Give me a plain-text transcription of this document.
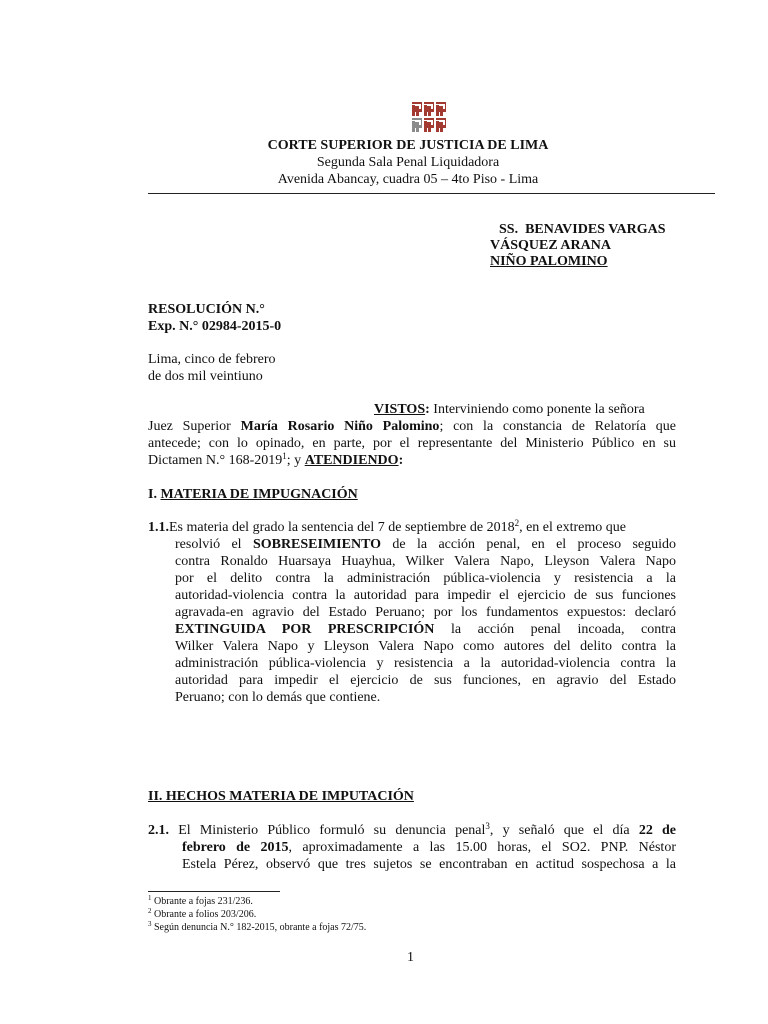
CORTE SUPERIOR DE JUSTICIA DE LIMA
Segunda Sala Penal Liquidadora
Avenida Abancay, cuadra 05 – 4to Piso - Lima
SS. BENAVIDES VARGAS
VÁSQUEZ ARANA
NIÑO PALOMINO
RESOLUCIÓN N.°
Exp. N.° 02984-2015-0
Lima, cinco de febrero
de dos mil veintiuno
VISTOS: Interviniendo como ponente la señora
Juez Superior María Rosario Niño Palomino; con la constancia de Relatoría que
antecede; con lo opinado, en parte, por el representante del Ministerio Público en su
Dictamen N.° 168-2019$^1$; y ATENDIENDO:
I. MATERIA DE IMPUGNACIÓN
1.1.Es materia del grado la sentencia del 7 de septiembre de 2018$^2$, en el extremo que
resolvió el SOBRESEIMIENTO de la acción penal, en el proceso seguido
contra Ronaldo Huarsaya Huayhua, Wilker Valera Napo, Lleyson Valera Napo
por el delito contra la administración pública-violencia y resistencia a la
autoridad-violencia contra la autoridad para impedir el ejercicio de sus funciones
agravada-en agravio del Estado Peruano; por los fundamentos expuestos: declaró
EXTINGUIDA POR PRESCRIPCIÓN la acción penal incoada, contra
Wilker Valera Napo y Lleyson Valera Napo como autores del delito contra la
administración pública-violencia y resistencia a la autoridad-violencia contra la
autoridad para impedir el ejercicio de sus funciones, en agravio del Estado
Peruano; con lo demás que contiene.
II. HECHOS MATERIA DE IMPUTACIÓN
2.1. El Ministerio Público formuló su denuncia penal$^3$, y señaló que el día 22 de
febrero de 2015, aproximadamente a las 15.00 horas, el SO2. PNP. Néstor
Estela Pérez, observó que tres sujetos se encontraban en actitud sospechosa a la
$^1$ Obrante a fojas 231/236.
$^2$ Obrante a folios 203/206.
$^3$ Según denuncia N.° 182-2015, obrante a fojas 72/75.
1
